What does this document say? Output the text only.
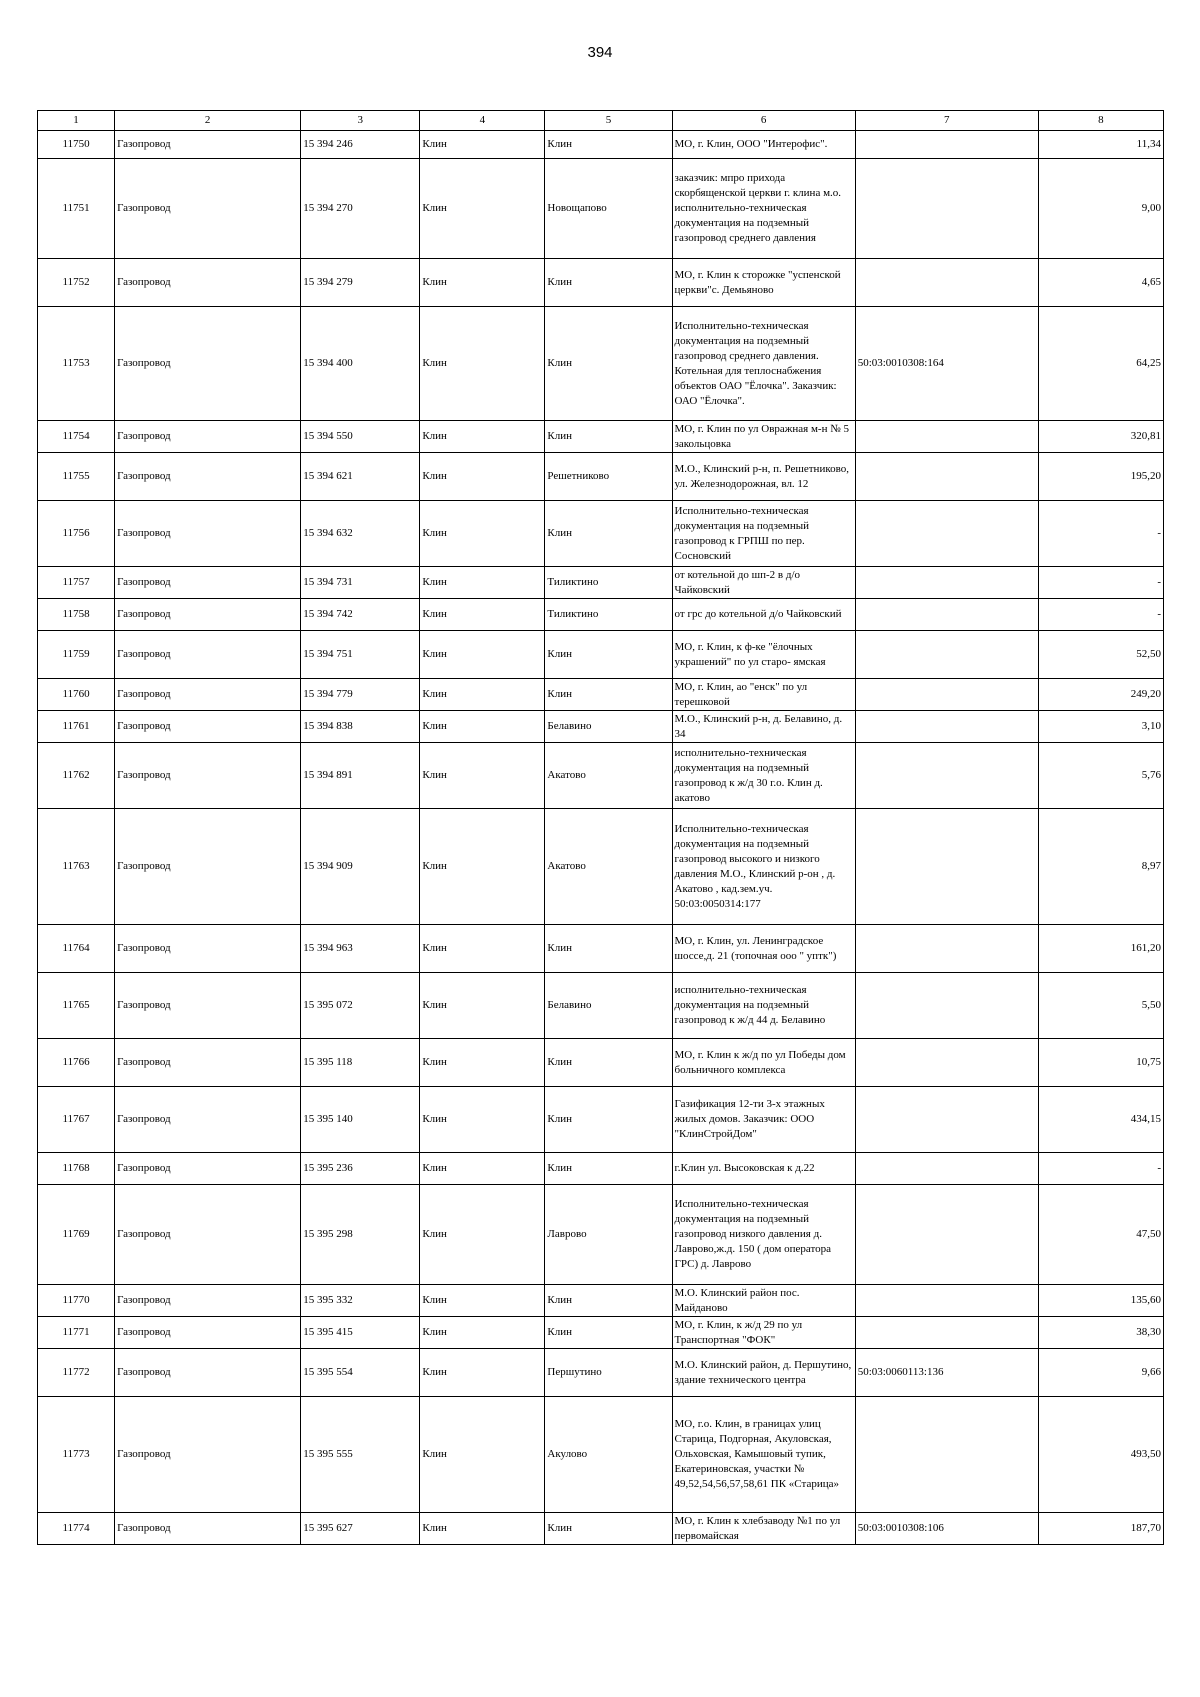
394
1	2	3	4	5	6	7	8
11750	Газопровод	15 394 246	Клин	Клин	МО, г. Клин, ООО "Интерофис".		11,34
11751	Газопровод	15 394 270	Клин	Новощапово	заказчик: мпро прихода скорбященской церкви г. клина м.о. исполнительно-техническая документация на подземный газопровод среднего давления		9,00
11752	Газопровод	15 394 279	Клин	Клин	МО, г. Клин к сторожке "успенской церкви"с. Демьяново		4,65
11753	Газопровод	15 394 400	Клин	Клин	Исполнительно-техническая документация на подземный газопровод среднего давления. Котельная для теплоснабжения объектов ОАО "Ёлочка". Заказчик: ОАО "Ёлочка".	50:03:0010308:164	64,25
11754	Газопровод	15 394 550	Клин	Клин	МО, г. Клин по ул Овражная м-н № 5 закольцовка		320,81
11755	Газопровод	15 394 621	Клин	Решетниково	М.О., Клинский р-н, п. Решетниково, ул. Железнодорожная, вл. 12		195,20
11756	Газопровод	15 394 632	Клин	Клин	Исполнительно-техническая документация на подземный газопровод к ГРПШ по пер. Сосновский		-
11757	Газопровод	15 394 731	Клин	Тиликтино	от котельной до шп-2 в д/о Чайковский		-
11758	Газопровод	15 394 742	Клин	Тиликтино	от грс до котельной д/о Чайковский		-
11759	Газопровод	15 394 751	Клин	Клин	МО, г. Клин, к ф-ке "ёлочных украшений" по ул старо- ямская		52,50
11760	Газопровод	15 394 779	Клин	Клин	МО, г. Клин, ао "енск" по ул терешковой		249,20
11761	Газопровод	15 394 838	Клин	Белавино	М.О., Клинский р-н, д. Белавино, д. 34		3,10
11762	Газопровод	15 394 891	Клин	Акатово	исполнительно-техническая документация на подземный газопровод к ж/д 30 г.о. Клин д. акатово		5,76
11763	Газопровод	15 394 909	Клин	Акатово	Исполнительно-техническая документация на подземный газопровод высокого и низкого давления М.О., Клинский р-он , д. Акатово , кад.зем.уч. 50:03:0050314:177		8,97
11764	Газопровод	15 394 963	Клин	Клин	МО, г. Клин, ул. Ленинградское шоссе,д. 21 (топочная ооо " уптк")		161,20
11765	Газопровод	15 395 072	Клин	Белавино	исполнительно-техническая документация на подземный газопровод к ж/д 44 д. Белавино		5,50
11766	Газопровод	15 395 118	Клин	Клин	МО, г. Клин к ж/д по ул Победы дом больничного комплекса		10,75
11767	Газопровод	15 395 140	Клин	Клин	Газификация 12-ти 3-х этажных жилых домов. Заказчик: ООО "КлинСтройДом"		434,15
11768	Газопровод	15 395 236	Клин	Клин	г.Клин ул. Высоковская к д.22		-
11769	Газопровод	15 395 298	Клин	Лаврово	Исполнительно-техническая документация на подземный газопровод низкого давления д. Лаврово,ж.д. 150 ( дом оператора ГРС) д. Лаврово		47,50
11770	Газопровод	15 395 332	Клин	Клин	М.О. Клинский район пос. Майданово		135,60
11771	Газопровод	15 395 415	Клин	Клин	МО, г. Клин, к ж/д 29 по ул Транспортная "ФОК"		38,30
11772	Газопровод	15 395 554	Клин	Першутино	М.О. Клинский район, д. Першутино, здание технического центра	50:03:0060113:136	9,66
11773	Газопровод	15 395 555	Клин	Акулово	МО, г.о. Клин, в границах улиц Старица, Подгорная, Акуловская, Ольховская, Камышовый тупик, Екатериновская, участки № 49,52,54,56,57,58,61 ПК «Старица»		493,50
11774	Газопровод	15 395 627	Клин	Клин	МО, г. Клин к хлебзаводу №1 по ул первомайская	50:03:0010308:106	187,70
